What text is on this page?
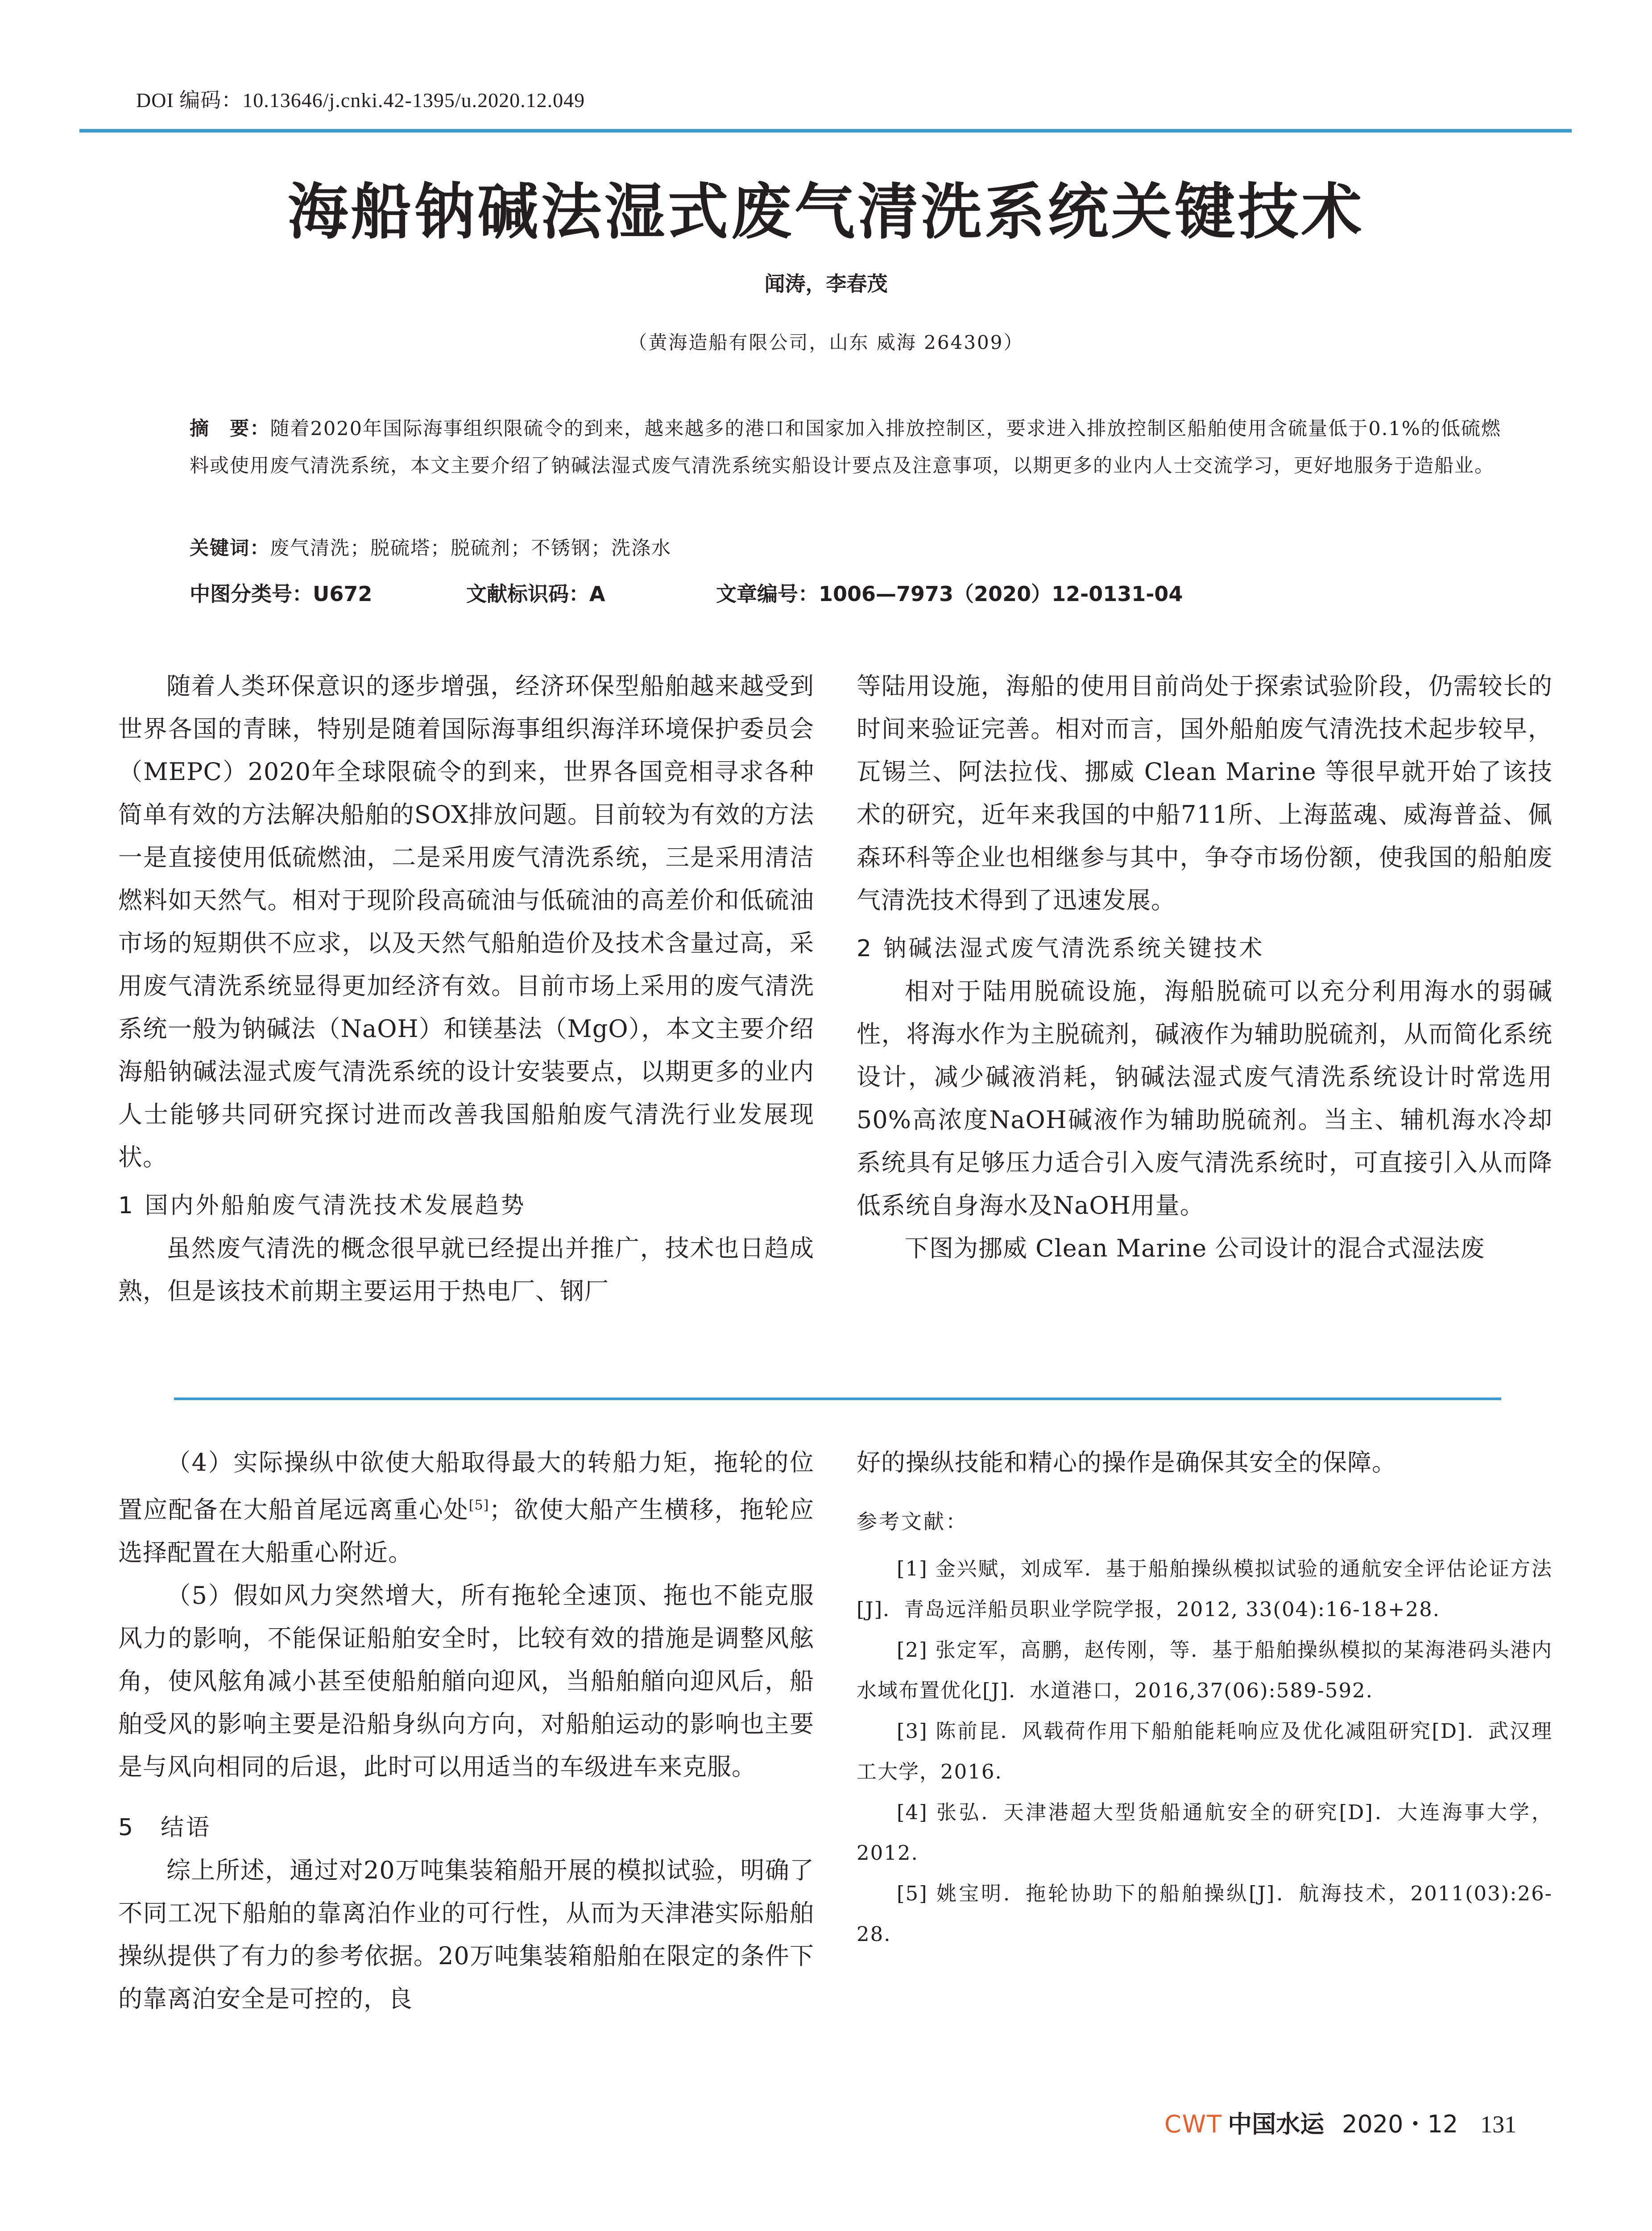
DOI 编码：10.13646/j.cnki.42-1395/u.2020.12.049
海船钠碱法湿式废气清洗系统关键技术
闻涛，李春茂
（黄海造船有限公司，山东 威海 264309）
摘　要：随着2020年国际海事组织限硫令的到来，越来越多的港口和国家加入排放控制区，要求进入排放控制区船舶使用含硫量低于0.1%的低硫燃料或使用废气清洗系统，本文主要介绍了钠碱法湿式废气清洗系统实船设计要点及注意事项，以期更多的业内人士交流学习，更好地服务于造船业。
关键词：废气清洗；脱硫塔；脱硫剂；不锈钢；洗涤水
中图分类号：U672	文献标识码：A	文章编号：1006—7973（2020）12-0131-04

随着人类环保意识的逐步增强，经济环保型船舶越来越受到世界各国的青睐，特别是随着国际海事组织海洋环境保护委员会（MEPC）2020年全球限硫令的到来，世界各国竞相寻求各种简单有效的方法解决船舶的SOX排放问题。目前较为有效的方法一是直接使用低硫燃油，二是采用废气清洗系统，三是采用清洁燃料如天然气。相对于现阶段高硫油与低硫油的高差价和低硫油市场的短期供不应求，以及天然气船舶造价及技术含量过高，采用废气清洗系统显得更加经济有效。目前市场上采用的废气清洗系统一般为钠碱法（NaOH）和镁基法（MgO），本文主要介绍海船钠碱法湿式废气清洗系统的设计安装要点，以期更多的业内人士能够共同研究探讨进而改善我国船舶废气清洗行业发展现状。

1 国内外船舶废气清洗技术发展趋势

虽然废气清洗的概念很早就已经提出并推广，技术也日趋成熟，但是该技术前期主要运用于热电厂、钢厂

等陆用设施，海船的使用目前尚处于探索试验阶段，仍需较长的时间来验证完善。相对而言，国外船舶废气清洗技术起步较早，瓦锡兰、阿法拉伐、挪威 Clean Marine 等很早就开始了该技术的研究，近年来我国的中船711所、上海蓝魂、威海普益、佩森环科等企业也相继参与其中，争夺市场份额，使我国的船舶废气清洗技术得到了迅速发展。

2 钠碱法湿式废气清洗系统关键技术

相对于陆用脱硫设施，海船脱硫可以充分利用海水的弱碱性，将海水作为主脱硫剂，碱液作为辅助脱硫剂，从而简化系统设计，减少碱液消耗，钠碱法湿式废气清洗系统设计时常选用50%高浓度NaOH碱液作为辅助脱硫剂。当主、辅机海水冷却系统具有足够压力适合引入废气清洗系统时，可直接引入从而降低系统自身海水及NaOH用量。

下图为挪威 Clean Marine 公司设计的混合式湿法废

（4）实际操纵中欲使大船取得最大的转船力矩，拖轮的位置应配备在大船首尾远离重心处[5]；欲使大船产生横移，拖轮应选择配置在大船重心附近。

（5）假如风力突然增大，所有拖轮全速顶、拖也不能克服风力的影响，不能保证船舶安全时，比较有效的措施是调整风舷角，使风舷角减小甚至使船舶艏向迎风，当船舶艏向迎风后，船舶受风的影响主要是沿船身纵向方向，对船舶运动的影响也主要是与风向相同的后退，此时可以用适当的车级进车来克服。

5　结语

综上所述，通过对20万吨集装箱船开展的模拟试验，明确了不同工况下船舶的靠离泊作业的可行性，从而为天津港实际船舶操纵提供了有力的参考依据。20万吨集装箱船舶在限定的条件下的靠离泊安全是可控的，良

好的操纵技能和精心的操作是确保其安全的保障。

参考文献：

[1] 金兴赋，刘成军．基于船舶操纵模拟试验的通航安全评估论证方法[J]．青岛远洋船员职业学院学报，2012, 33(04):16-18+28.

[2] 张定军，高鹏，赵传刚，等．基于船舶操纵模拟的某海港码头港内水域布置优化[J]．水道港口，2016,37(06):589-592.

[3] 陈前昆．风载荷作用下船舶能耗响应及优化减阻研究[D]．武汉理工大学，2016.

[4] 张弘．天津港超大型货船通航安全的研究[D]．大连海事大学，2012.

[5] 姚宝明．拖轮协助下的船舶操纵[J]．航海技术，2011(03):26-28.

CWT 中国水运 2020・12 131
